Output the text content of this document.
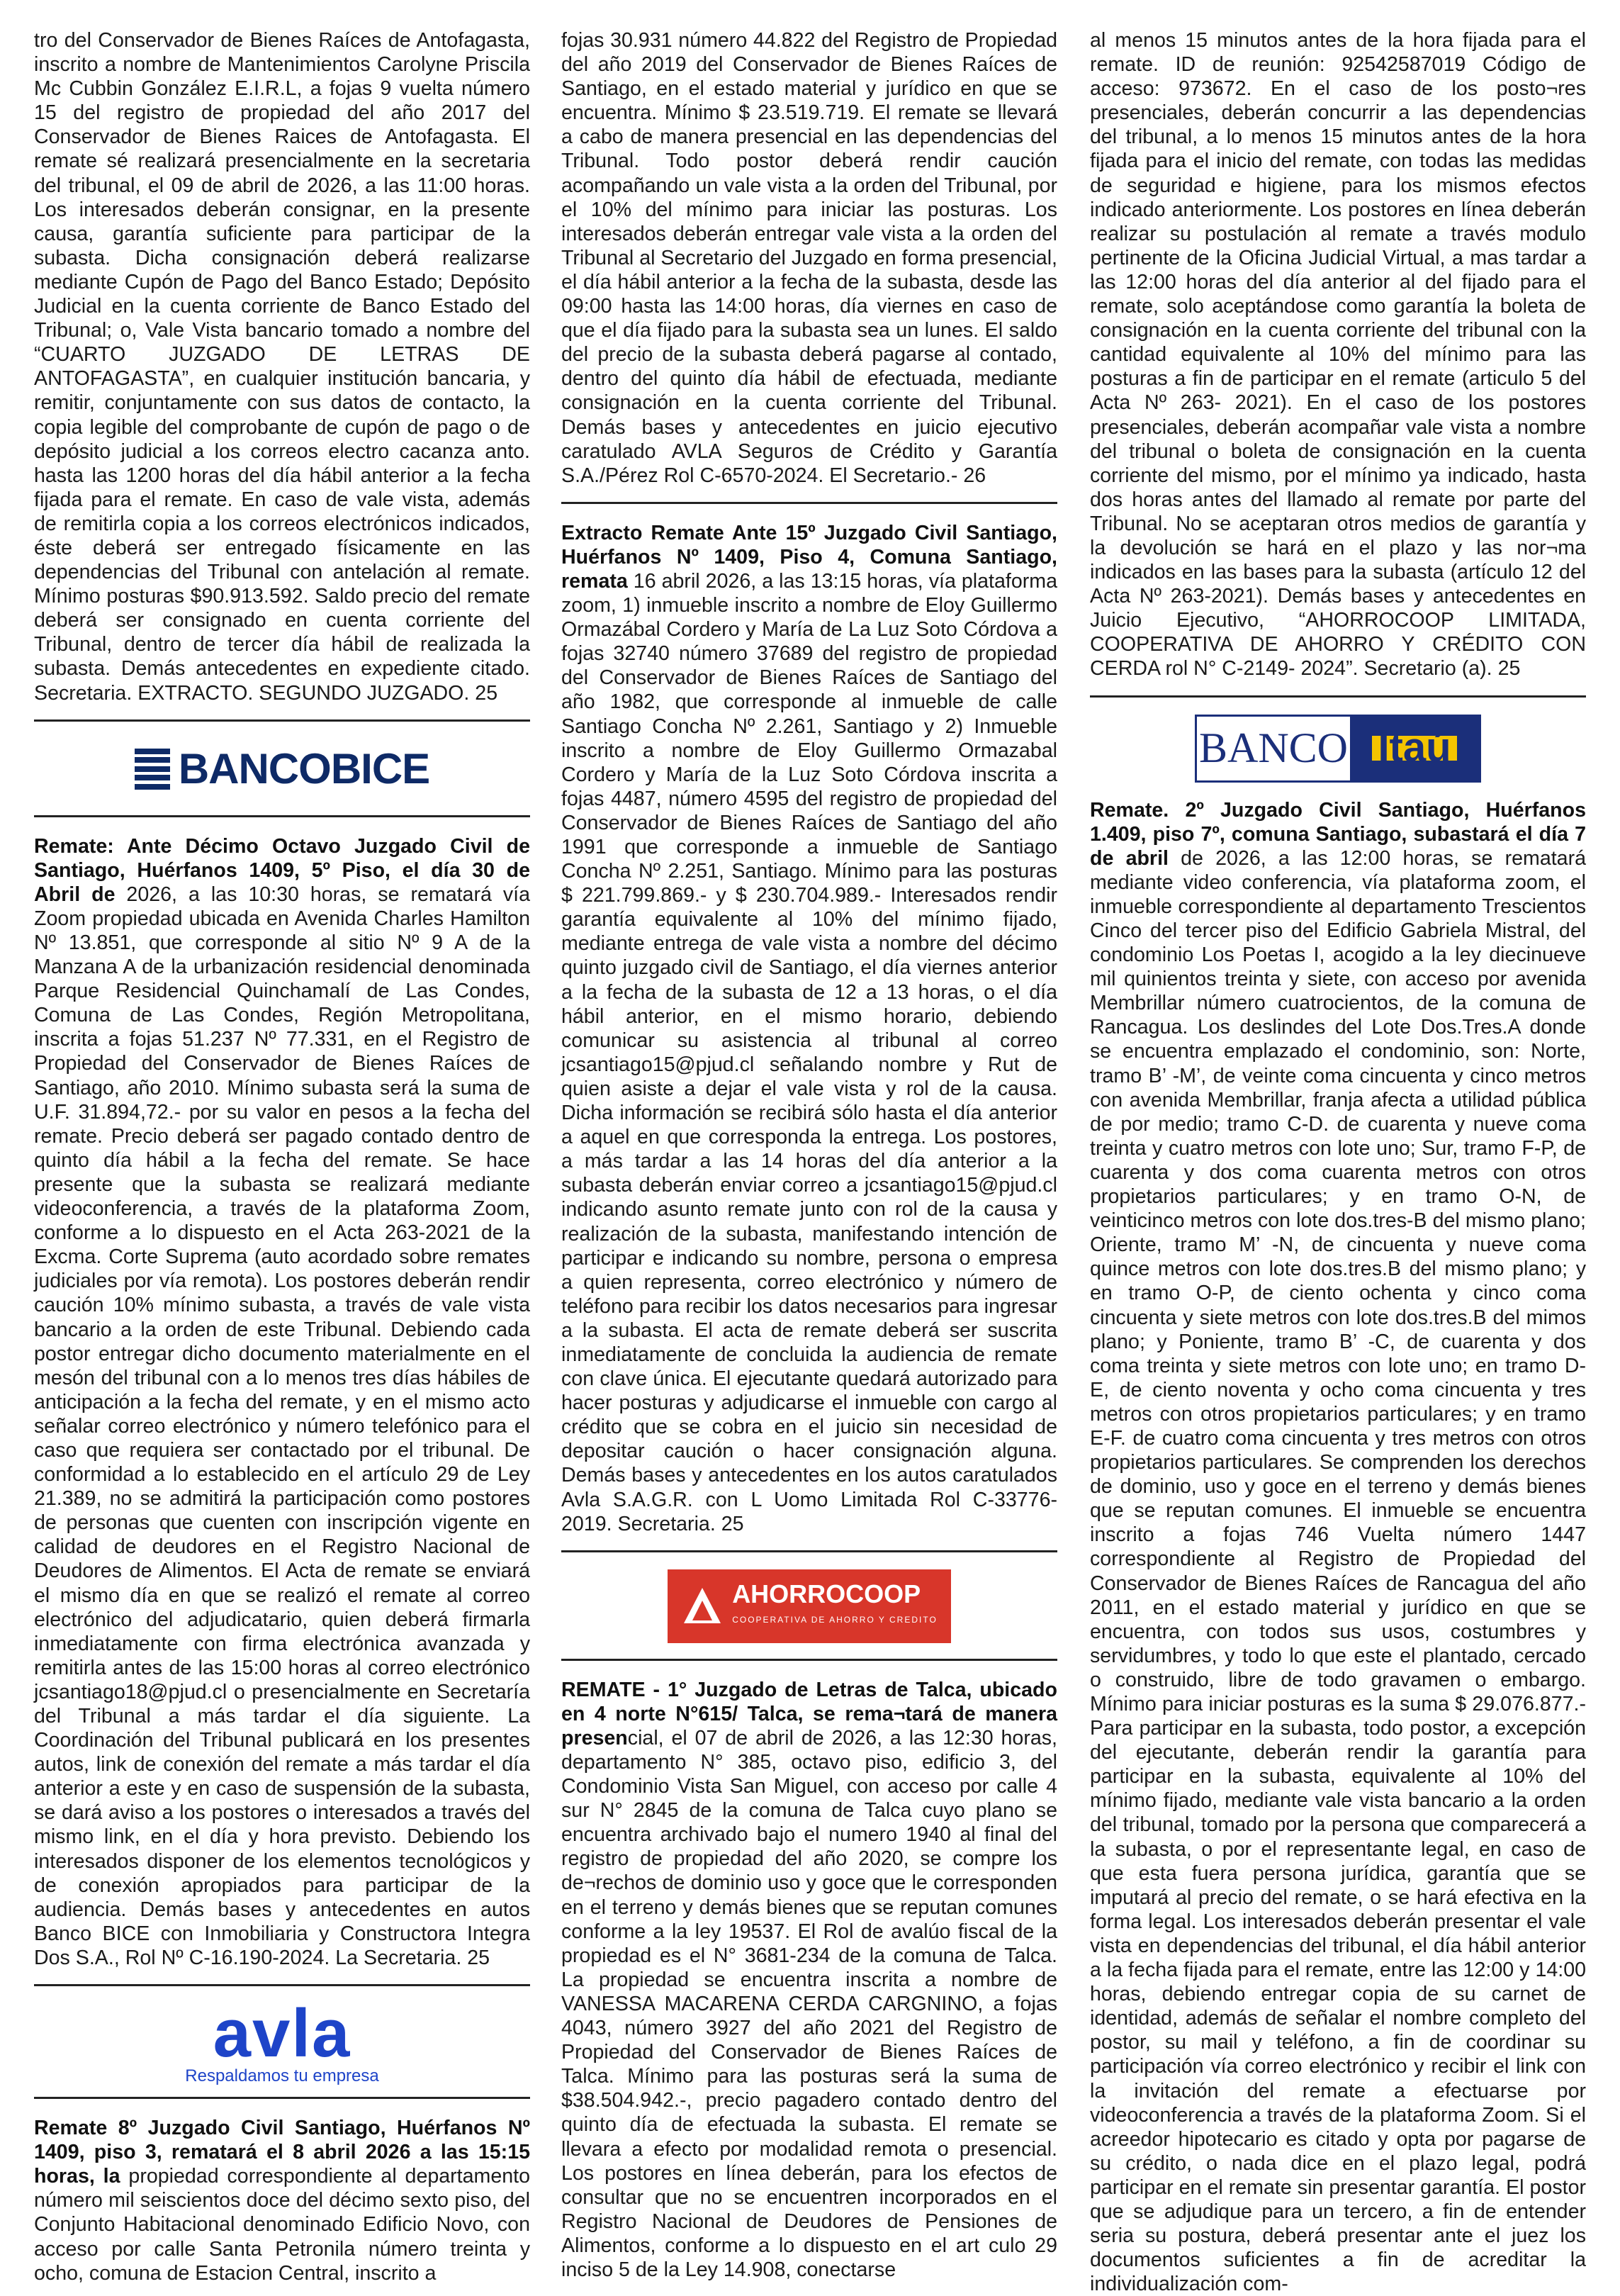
tro del Conservador de Bienes Raíces de Antofagasta, inscrito a nombre de Mantenimientos Carolyne Priscila Mc Cubbin González E.I.R.L, a fojas 9 vuelta número 15 del registro de propiedad del año 2017 del Conservador de Bienes Raices de Antofagasta. El remate sé realizará presencialmente en la secretaria del tribunal, el 09 de abril de 2026, a las 11:00 horas. Los interesados deberán consignar, en la presente causa, garantía suficiente para participar de la subasta. Dicha consignación deberá realizarse mediante Cupón de Pago del Banco Estado; Depósito Judicial en la cuenta corriente de Banco Estado del Tribunal; o, Vale Vista bancario tomado a nombre del “CUARTO JUZGADO DE LETRAS DE ANTOFAGASTA”, en cualquier institución bancaria, y remitir, conjuntamente con sus datos de contacto, la copia legible del comprobante de cupón de pago o de depósito judicial a los correos electro cacanza anto. hasta las 1200 horas del día hábil anterior a la fecha fijada para el remate. En caso de vale vista, además de remitirla copia a los correos electrónicos indicados, éste deberá ser entregado físicamente en las dependencias del Tribunal con antelación al remate. Mínimo posturas $90.913.592. Saldo precio del remate deberá ser consignado en cuenta corriente del Tribunal, dentro de tercer día hábil de realizada la subasta. Demás antecedentes en expediente citado. Secretaria. EXTRACTO. SEGUNDO JUZGADO. 25

BANCOBICE

Remate: Ante Décimo Octavo Juzgado Civil de Santiago, Huérfanos 1409, 5º Piso, el día 30 de Abril de 2026, a las 10:30 horas, se rematará vía Zoom propiedad ubicada en Avenida Charles Hamilton Nº 13.851, que corresponde al sitio Nº 9 A de la Manzana A de la urbanización residencial denominada Parque Residencial Quinchamalí de Las Condes, Comuna de Las Condes, Región Metropolitana, inscrita a fojas 51.237 Nº 77.331, en el Registro de Propiedad del Conservador de Bienes Raíces de Santiago, año 2010. Mínimo subasta será la suma de U.F. 31.894,72.- por su valor en pesos a la fecha del remate. Precio deberá ser pagado contado dentro de quinto día hábil a la fecha del remate. Se hace presente que la subasta se realizará mediante videoconferencia, a través de la plataforma Zoom, conforme a lo dispuesto en el Acta 263-2021 de la Excma. Corte Suprema (auto acordado sobre remates judiciales por vía remota). Los postores deberán rendir caución 10% mínimo subasta, a través de vale vista bancario a la orden de este Tribunal. Debiendo cada postor entregar dicho documento materialmente en el mesón del tribunal con a lo menos tres días hábiles de anticipación a la fecha del remate, y en el mismo acto señalar correo electrónico y número telefónico para el caso que requiera ser contactado por el tribunal. De conformidad a lo establecido en el artículo 29 de Ley 21.389, no se admitirá la participación como postores de personas que cuenten con inscripción vigente en calidad de deudores en el Registro Nacional de Deudores de Alimentos. El Acta de remate se enviará el mismo día en que se realizó el remate al correo electrónico del adjudicatario, quien deberá firmarla inmediatamente con firma electrónica avanzada y remitirla antes de las 15:00 horas al correo electrónico jcsantiago18@pjud.cl o presencialmente en Secretaría del Tribunal a más tardar el día siguiente. La Coordinación del Tribunal publicará en los presentes autos, link de conexión del remate a más tardar el día anterior a este y en caso de suspensión de la subasta, se dará aviso a los postores o interesados a través del mismo link, en el día y hora previsto. Debiendo los interesados disponer de los elementos tecnológicos y de conexión apropiados para participar de la audiencia. Demás bases y antecedentes en autos Banco BICE con Inmobiliaria y Constructora Integra Dos S.A., Rol Nº C-16.190-2024. La Secretaria. 25

avla
Respaldamos tu empresa

Remate 8º Juzgado Civil Santiago, Huérfanos Nº 1409, piso 3, rematará el 8 abril 2026 a las 15:15 horas, la propiedad correspondiente al departamento número mil seiscientos doce del décimo sexto piso, del Conjunto Habitacional denominado Edificio Novo, con acceso por calle Santa Petronila número treinta y ocho, comuna de Estacion Central, inscrito a

fojas 30.931 número 44.822 del Registro de Propiedad del año 2019 del Conservador de Bienes Raíces de Santiago, en el estado material y jurídico en que se encuentra. Mínimo $ 23.519.719. El remate se llevará a cabo de manera presencial en las dependencias del Tribunal. Todo postor deberá rendir caución acompañando un vale vista a la orden del Tribunal, por el 10% del mínimo para iniciar las posturas. Los interesados deberán entregar vale vista a la orden del Tribunal al Secretario del Juzgado en forma presencial, el día hábil anterior a la fecha de la subasta, desde las 09:00 hasta las 14:00 horas, día viernes en caso de que el día fijado para la subasta sea un lunes. El saldo del precio de la subasta deberá pagarse al contado, dentro del quinto día hábil de efectuada, mediante consignación en la cuenta corriente del Tribunal. Demás bases y antecedentes en juicio ejecutivo caratulado AVLA Seguros de Crédito y Garantía S.A./Pérez Rol C-6570-2024. El Secretario.- 26

Extracto Remate Ante 15º Juzgado Civil Santiago, Huérfanos Nº 1409, Piso 4, Comuna Santiago, remata 16 abril 2026, a las 13:15 horas, vía plataforma zoom, 1) inmueble inscrito a nombre de Eloy Guillermo Ormazábal Cordero y María de La Luz Soto Córdova a fojas 32740 número 37689 del registro de propiedad del Conservador de Bienes Raíces de Santiago del año 1982, que corresponde al inmueble de calle Santiago Concha Nº 2.261, Santiago y 2) Inmueble inscrito a nombre de Eloy Guillermo Ormazabal Cordero y María de la Luz Soto Córdova inscrita a fojas 4487, número 4595 del registro de propiedad del Conservador de Bienes Raíces de Santiago del año 1991 que corresponde a inmueble de Santiago Concha Nº 2.251, Santiago. Mínimo para las posturas $ 221.799.869.- y $ 230.704.989.- Interesados rendir garantía equivalente al 10% del mínimo fijado, mediante entrega de vale vista a nombre del décimo quinto juzgado civil de Santiago, el día viernes anterior a la fecha de la subasta de 12 a 13 horas, o el día hábil anterior, en el mismo horario, debiendo comunicar su asistencia al tribunal al correo jcsantiago15@pjud.cl señalando nombre y Rut de quien asiste a dejar el vale vista y rol de la causa. Dicha información se recibirá sólo hasta el día anterior a aquel en que corresponda la entrega. Los postores, a más tardar a las 14 horas del día anterior a la subasta deberán enviar correo a jcsantiago15@pjud.cl indicando asunto remate junto con rol de la causa y realización de la subasta, manifestando intención de participar e indicando su nombre, persona o empresa a quien representa, correo electrónico y número de teléfono para recibir los datos necesarios para ingresar a la subasta. El acta de remate deberá ser suscrita inmediatamente de concluida la audiencia de remate con clave única. El ejecutante quedará autorizado para hacer posturas y adjudicarse el inmueble con cargo al crédito que se cobra en el juicio sin necesidad de depositar caución o hacer consignación alguna. Demás bases y antecedentes en los autos caratulados Avla S.A.G.R. con L Uomo Limitada Rol C-33776-2019. Secretaria. 25

AHORROCOOP
COOPERATIVA DE AHORRO Y CREDITO

REMATE - 1° Juzgado de Letras de Talca, ubicado en 4 norte N°615/ Talca, se rema¬tará de manera presencial, el 07 de abril de 2026, a las 12:30 horas, departamento N° 385, octavo piso, edificio 3, del Condominio Vista San Miguel, con acceso por calle 4 sur N° 2845 de la comuna de Talca cuyo plano se encuentra archivado bajo el numero 1940 al final del registro de propiedad del año 2020, se compre los de¬rechos de dominio uso y goce que le corresponden en el terreno y demás bienes que se reputan comunes conforme a la ley 19537. El Rol de avalúo fiscal de la propiedad es el N° 3681-234 de la comuna de Talca. La propiedad se encuentra inscrita a nombre de VANESSA MACARENA CERDA CARGNINO, a fojas 4043, número 3927 del año 2021 del Registro de Propiedad del Conservador de Bienes Raíces de Talca. Mínimo para las posturas será la suma de $38.504.942.-, precio pagadero contado dentro del quinto día de efectuada la subasta. El remate se llevara a efecto por modalidad remota o presencial. Los postores en línea deberán, para los efectos de consultar que no se encuentren incorporados en el Registro Nacional de Deudores de Pensiones de Alimentos, conforme a lo dispuesto en el art culo 29 inciso 5 de la Ley 14.908, conectarse

al menos 15 minutos antes de la hora fijada para el remate. ID de reunión: 92542587019 Código de acceso: 973672. En el caso de los posto¬res presenciales, deberán concurrir a las dependencias del tribunal, a lo menos 15 minutos antes de la hora fijada para el inicio del remate, con todas las medidas de seguridad e higiene, para los mismos efectos indicado anteriormente. Los postores en línea deberán realizar su postulación al remate a través modulo pertinente de la Oficina Judicial Virtual, a mas tardar a las 12:00 horas del día anterior al del fijado para el remate, solo aceptándose como garantía la boleta de consignación en la cuenta corriente del tribunal con la cantidad equivalente al 10% del mínimo para las posturas a fin de participar en el remate (articulo 5 del Acta Nº 263- 2021). En el caso de los postores presenciales, deberán acompañar vale vista a nombre del tribunal o boleta de consignación en la cuenta corriente del mismo, por el mínimo ya indicado, hasta dos horas antes del llamado al remate por parte del Tribunal. No se aceptaran otros medios de garantía y la devolución se hará en el plazo y las nor¬ma indicados en las bases para la subasta (artículo 12 del Acta Nº 263-2021). Demás bases y antecedentes en Juicio Ejecutivo, “AHORROCOOP LIMITADA, COOPERATIVA DE AHORRO Y CRÉDITO CON CERDA rol N° C-2149- 2024”. Secretario (a). 25

BANCO Itaú

Remate. 2º Juzgado Civil Santiago, Huérfanos 1.409, piso 7º, comuna Santiago, subastará el día 7 de abril de 2026, a las 12:00 horas, se rematará mediante video conferencia, vía plataforma zoom, el inmueble correspondiente al departamento Trescientos Cinco del tercer piso del Edificio Gabriela Mistral, del condominio Los Poetas I, acogido a la ley diecinueve mil quinientos treinta y siete, con acceso por avenida Membrillar número cuatrocientos, de la comuna de Rancagua. Los deslindes del Lote Dos.Tres.A donde se encuentra emplazado el condominio, son: Norte, tramo B’ -M’, de veinte coma cincuenta y cinco metros con avenida Membrillar, franja afecta a utilidad pública de por medio; tramo C-D. de cuarenta y nueve coma treinta y cuatro metros con lote uno; Sur, tramo F-P, de cuarenta y dos coma cuarenta metros con otros propietarios particulares; y en tramo O-N, de veinticinco metros con lote dos.tres-B del mismo plano; Oriente, tramo M’ -N, de cincuenta y nueve coma quince metros con lote dos.tres.B del mismo plano; y en tramo O-P, de ciento ochenta y cinco coma cincuenta y siete metros con lote dos.tres.B del mimos plano; y Poniente, tramo B’ -C, de cuarenta y dos coma treinta y siete metros con lote uno; en tramo D-E, de ciento noventa y ocho coma cincuenta y tres metros con otros propietarios particulares; y en tramo E-F. de cuatro coma cincuenta y tres metros con otros propietarios particulares. Se comprenden los derechos de dominio, uso y goce en el terreno y demás bienes que se reputan comunes. El inmueble se encuentra inscrito a fojas 746 Vuelta número 1447 correspondiente al Registro de Propiedad del Conservador de Bienes Raíces de Rancagua del año 2011, en el estado material y jurídico en que se encuentra, con todos sus usos, costumbres y servidumbres, y todo lo que este el plantado, cercado o construido, libre de todo gravamen o embargo. Mínimo para iniciar posturas es la suma $ 29.076.877.- Para participar en la subasta, todo postor, a excepción del ejecutante, deberán rendir la garantía para participar en la subasta, equivalente al 10% del mínimo fijado, mediante vale vista bancario a la orden del tribunal, tomado por la persona que comparecerá a la subasta, o por el representante legal, en caso de que esta fuera persona jurídica, garantía que se imputará al precio del remate, o se hará efectiva en la forma legal. Los interesados deberán presentar el vale vista en dependencias del tribunal, el día hábil anterior a la fecha fijada para el remate, entre las 12:00 y 14:00 horas, debiendo entregar copia de su carnet de identidad, además de señalar el nombre completo del postor, su mail y teléfono, a fin de coordinar su participación vía correo electrónico y recibir el link con la invitación del remate a efectuarse por videoconferencia a través de la plataforma Zoom. Si el acreedor hipotecario es citado y opta por pagarse de su crédito, o nada dice en el plazo legal, podrá participar en el remate sin presentar garantía. El postor que se adjudique para un tercero, a fin de entender seria su postura, deberá presentar ante el juez los documentos suficientes a fin de acreditar la individualización com-
